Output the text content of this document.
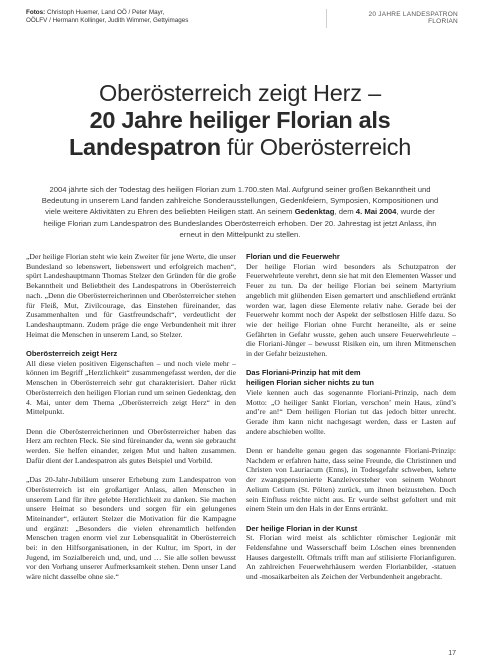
Fotos: Christoph Huemer, Land OÖ / Peter Mayr,
OÖLFV / Hermann Kollinger, Judith Wimmer, Gettyimages
20 JAHRE LANDESPATRON FLORIAN
Oberösterreich zeigt Herz –
20 Jahre heiliger Florian als
Landespatron für Oberösterreich
2004 jährte sich der Todestag des heiligen Florian zum 1.700.sten Mal. Aufgrund seiner großen Bekanntheit und Bedeutung in unserem Land fanden zahlreiche Sonderausstellungen, Gedenkfeiern, Symposien, Kompositionen und viele weitere Aktivitäten zu Ehren des beliebten Heiligen statt. An seinem Gedenktag, dem 4. Mai 2004, wurde der heilige Florian zum Landespatron des Bundeslandes Oberösterreich erhoben. Der 20. Jahrestag ist jetzt Anlass, ihn erneut in den Mittelpunkt zu stellen.

„Der heilige Florian steht wie kein Zweiter für jene Werte, die unser Bundesland so lebenswert, liebenswert und erfolgreich machen“, spürt Landeshauptmann Thomas Stelzer den Gründen für die große Bekanntheit und Beliebtheit des Landespatrons in Oberösterreich nach. „Denn die Oberösterreicherinnen und Oberösterreicher stehen für Fleiß, Mut, Zivilcourage, das Einstehen füreinander, das Zusammenhalten und für Gastfreundschaft“, verdeutlicht der Landeshauptmann. Zudem präge die enge Verbundenheit mit ihrer Heimat die Menschen in unserem Land, so Stelzer.

Oberösterreich zeigt Herz

All diese vielen positiven Eigenschaften – und noch viele mehr – können im Begriff „Herzlichkeit“ zusammengefasst werden, der die Menschen in Oberösterreich sehr gut charakterisiert. Daher rückt Oberösterreich den heiligen Florian rund um seinen Gedenktag, den 4. Mai, unter dem Thema „Oberösterreich zeigt Herz“ in den Mittelpunkt.

Denn die Oberösterreicherinnen und Oberösterreicher haben das Herz am rechten Fleck. Sie sind füreinander da, wenn sie gebraucht werden. Sie helfen einander, zeigen Mut und halten zusammen. Dafür dient der Landespatron als gutes Beispiel und Vorbild.

„Das 20-Jahr-Jubiläum unserer Erhebung zum Landespatron von Oberösterreich ist ein großartiger Anlass, allen Menschen in unserem Land für ihre gelebte Herzlichkeit zu danken. Sie machen unsere Heimat so besonders und sorgen für ein gelungenes Miteinander“, erläutert Stelzer die Motivation für die Kampagne und ergänzt: „Besonders die vielen ehrenamtlich helfenden Menschen tragen enorm viel zur Lebensqualität in Oberösterreich bei: in den Hilfsorganisationen, in der Kultur, im Sport, in der Jugend, im Sozialbereich und, und, und … Sie alle sollen bewusst vor den Vorhang unserer Aufmerksamkeit stehen. Denn unser Land wäre nicht dasselbe ohne sie.“

Florian und die Feuerwehr

Der heilige Florian wird besonders als Schutzpatron der Feuerwehrleute verehrt, denn sie hat mit den Elementen Wasser und Feuer zu tun. Da der heilige Florian bei seinem Martyrium angeblich mit glühenden Eisen gemartert und anschließend ertränkt worden war, lagen diese Elemente relativ nahe. Gerade bei der Feuerwehr kommt noch der Aspekt der selbstlosen Hilfe dazu. So wie der heilige Florian ohne Furcht heraneilte, als er seine Gefährten in Gefahr wusste, gehen auch unsere Feuerwehrleute – die Floriani-Jünger – bewusst Risiken ein, um ihren Mitmenschen in der Gefahr beizustehen.

Das Floriani-Prinzip hat mit dem
heiligen Florian sicher nichts zu tun

Viele kennen auch das sogenannte Floriani-Prinzip, nach dem Motto: „O heiliger Sankt Florian, verschon’ mein Haus, zünd’s and’re an!“ Dem heiligen Florian tut das jedoch bitter unrecht. Gerade ihm kann nicht nachgesagt werden, dass er Lasten auf andere abschieben wollte.

Denn er handelte genau gegen das sogenannte Floriani-Prinzip: Nachdem er erfahren hatte, dass seine Freunde, die Christinnen und Christen von Lauriacum (Enns), in Todesgefahr schweben, kehrte der zwangspensionierte Kanzleivorsteher von seinem Wohnort Aelium Cetium (St. Pölten) zurück, um ihnen beizustehen. Doch sein Einfluss reichte nicht aus. Er wurde selbst gefoltert und mit einem Stein um den Hals in der Enns ertränkt.

Der heilige Florian in der Kunst

St. Florian wird meist als schlichter römischer Legionär mit Feldensfahne und Wasserschaff beim Löschen eines brennenden Hauses dargestellt. Oftmals trifft man auf stilisierte Florianfiguren. An zahlreichen Feuerwehrhäusern werden Florianbilder, -statuen und -mosaikarbeiten als Zeichen der Verbundenheit angebracht.

17
